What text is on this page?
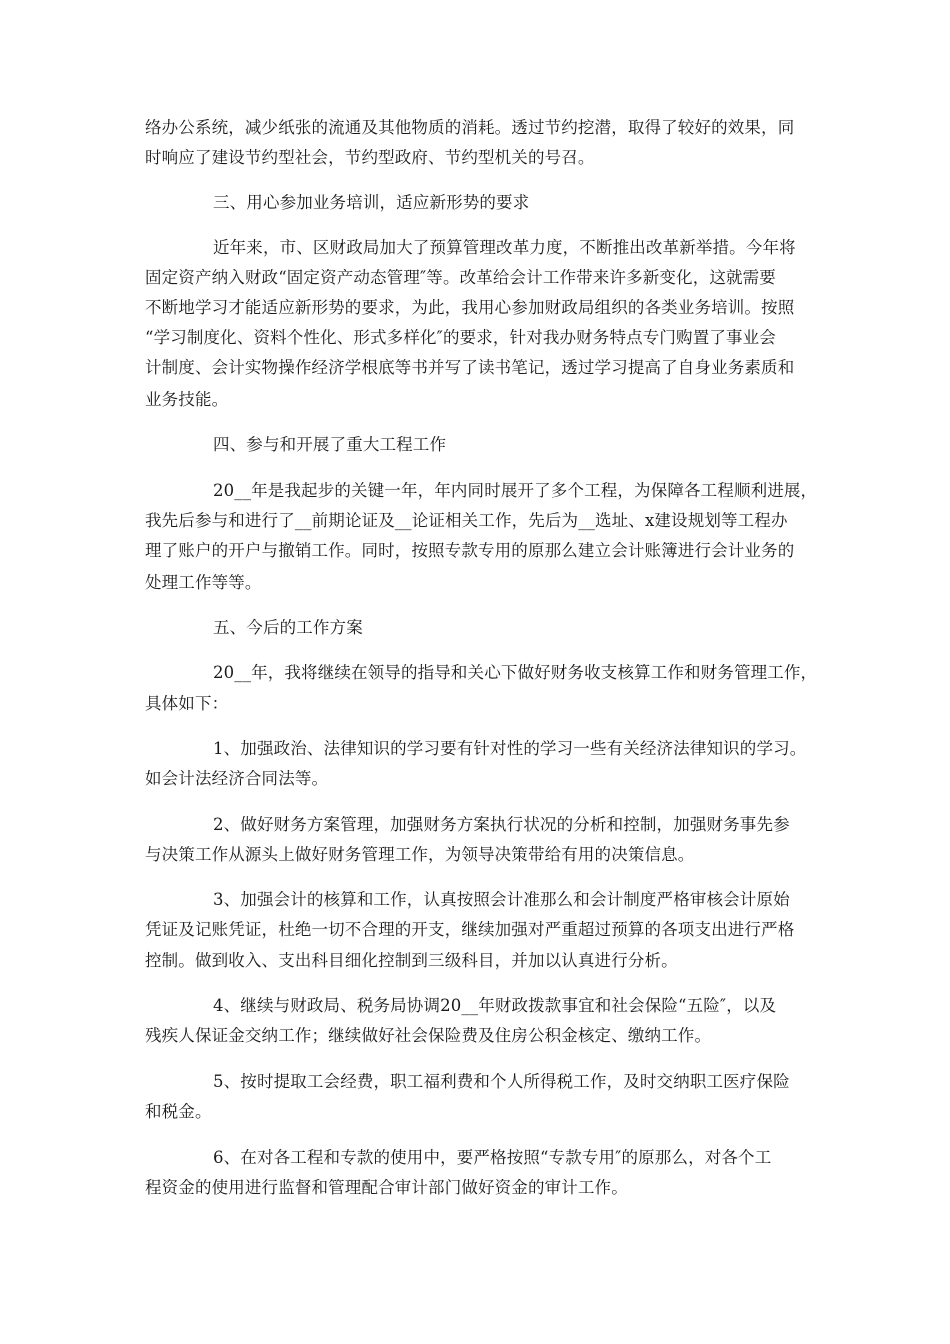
络办公系统，减少纸张的流通及其他物质的消耗。透过节约挖潜，取得了较好的效果，同

时响应了建设节约型社会，节约型政府、节约型机关的号召。

三、用心参加业务培训，适应新形势的要求

近年来，市、区财政局加大了预算管理改革力度，不断推出改革新举措。今年将

固定资产纳入财政“固定资产动态管理″等。改革给会计工作带来许多新变化，这就需要

不断地学习才能适应新形势的要求，为此，我用心参加财政局组织的各类业务培训。按照

“学习制度化、资料个性化、形式多样化″的要求，针对我办财务特点专门购置了事业会

计制度、会计实物操作经济学根底等书并写了读书笔记，透过学习提高了自身业务素质和

业务技能。

四、参与和开展了重大工程工作

20__年是我起步的关键一年，年内同时展开了多个工程，为保障各工程顺利进展，

我先后参与和进行了__前期论证及__论证相关工作，先后为__选址、x建设规划等工程办

理了账户的开户与撤销工作。同时，按照专款专用的原那么建立会计账簿进行会计业务的

处理工作等等。

五、今后的工作方案

20__年，我将继续在领导的指导和关心下做好财务收支核算工作和财务管理工作，

具体如下：

1、加强政治、法律知识的学习要有针对性的学习一些有关经济法律知识的学习。

如会计法经济合同法等。

2、做好财务方案管理，加强财务方案执行状况的分析和控制，加强财务事先参

与决策工作从源头上做好财务管理工作，为领导决策带给有用的决策信息。

3、加强会计的核算和工作，认真按照会计准那么和会计制度严格审核会计原始

凭证及记账凭证，杜绝一切不合理的开支，继续加强对严重超过预算的各项支出进行严格

控制。做到收入、支出科目细化控制到三级科目，并加以认真进行分析。

4、继续与财政局、税务局协调20__年财政拨款事宜和社会保险“五险″，以及

残疾人保证金交纳工作；继续做好社会保险费及住房公积金核定、缴纳工作。

5、按时提取工会经费，职工福利费和个人所得税工作，及时交纳职工医疗保险

和税金。

6、在对各工程和专款的使用中，要严格按照“专款专用″的原那么，对各个工

程资金的使用进行监督和管理配合审计部门做好资金的审计工作。
